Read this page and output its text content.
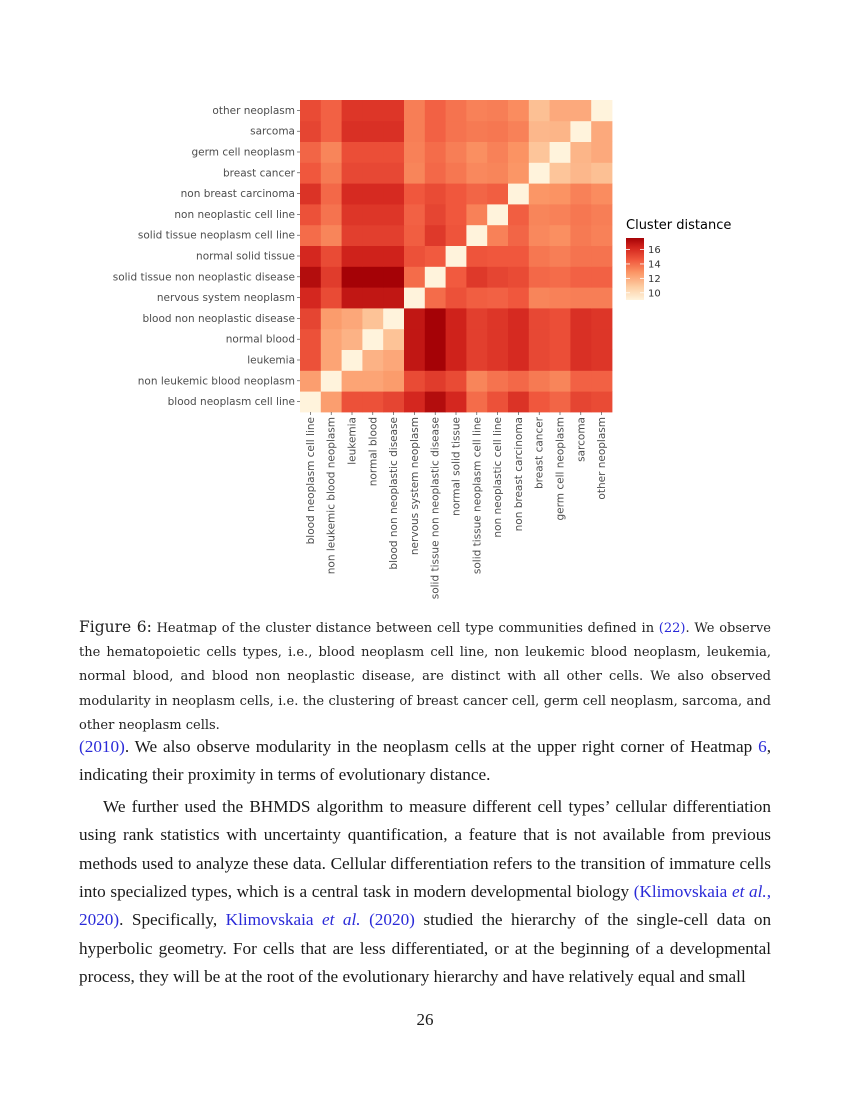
blood neoplasm cell line
non leukemic blood neoplasm
leukemia
normal blood
blood non neoplastic disease
nervous system neoplasm
solid tissue non neoplastic disease
normal solid tissue
solid tissue neoplasm cell line
non neoplastic cell line
non breast carcinoma
breast cancer
germ cell neoplasm
sarcoma
other neoplasm
blood neoplasm cell line non leukemic blood neoplasm leukemia normal blood blood non neoplastic disease nervous system neoplasm solid tissue non neoplastic disease normal solid tissue solid tissue neoplasm cell line non neoplastic cell line non breast carcinoma breast cancer germ cell neoplasm sarcoma other neoplasm
Cluster distance
16
14
12
10
Figure 6: Heatmap of the cluster distance between cell type communities defined in (22). We observe the hematopoietic cells types, i.e., blood neoplasm cell line, non leukemic blood neoplasm, leukemia, normal blood, and blood non neoplastic disease, are distinct with all other cells. We also observed modularity in neoplasm cells, i.e. the clustering of breast cancer cell, germ cell neoplasm, sarcoma, and other neoplasm cells.

(2010). We also observe modularity in the neoplasm cells at the upper right corner of Heatmap 6, indicating their proximity in terms of evolutionary distance.

We further used the BHMDS algorithm to measure different cell types’ cellular differentiation using rank statistics with uncertainty quantification, a feature that is not available from previous methods used to analyze these data. Cellular differentiation refers to the transition of immature cells into specialized types, which is a central task in modern developmental biology (Klimovskaia et al., 2020). Specifically, Klimovskaia et al. (2020) studied the hierarchy of the single-cell data on hyperbolic geometry. For cells that are less differentiated, or at the beginning of a developmental process, they will be at the root of the evolutionary hierarchy and have relatively equal and small

26
